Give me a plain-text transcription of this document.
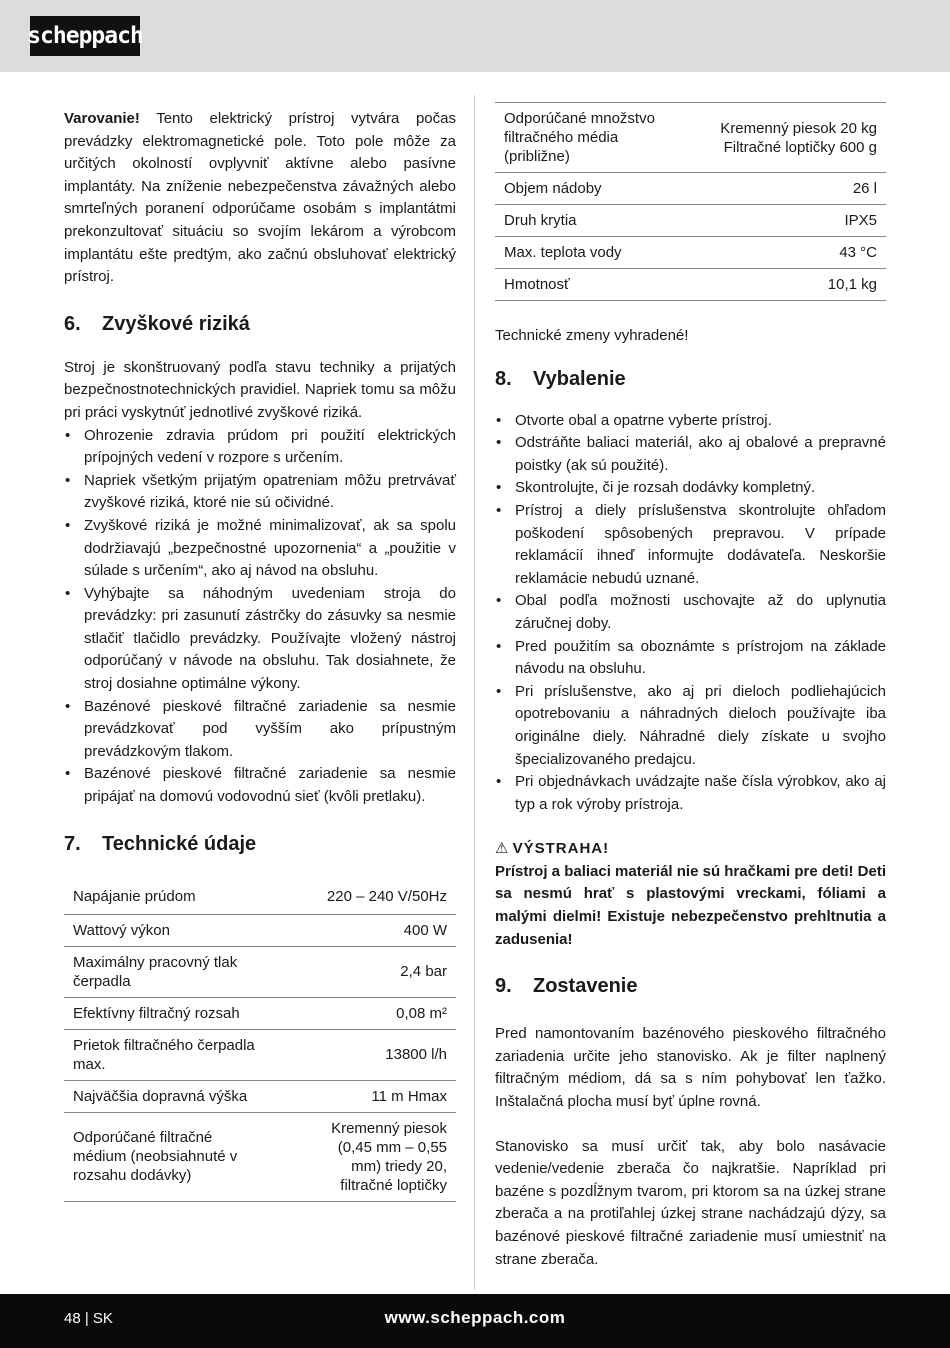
scheppach

Varovanie! Tento elektrický prístroj vytvára počas prevádzky elektromagnetické pole. Toto pole môže za určitých okolností ovplyvniť aktívne alebo pasívne implantáty. Na zníženie nebezpečenstva závažných alebo smrteľných poranení odporúčame osobám s implantátmi prekonzultovať situáciu so svojím lekárom a výrobcom implantátu ešte predtým, ako začnú obsluhovať elektrický prístroj.

6. Zvyškové riziká

Stroj je skonštruovaný podľa stavu techniky a prijatých bezpečnostnotechnických pravidiel. Napriek tomu sa môžu pri práci vyskytnúť jednotlivé zvyškové riziká.

• Ohrozenie zdravia prúdom pri použití elektrických prípojných vedení v rozpore s určením.
• Napriek všetkým prijatým opatreniam môžu pretrvávať zvyškové riziká, ktoré nie sú očividné.
• Zvyškové riziká je možné minimalizovať, ak sa spolu dodržiavajú „bezpečnostné upozornenia“ a „použitie v súlade s určením“, ako aj návod na obsluhu.
• Vyhýbajte sa náhodným uvedeniam stroja do prevádzky: pri zasunutí zástrčky do zásuvky sa nesmie stlačiť tlačidlo prevádzky. Používajte vložený nástroj odporúčaný v návode na obsluhu. Tak dosiahnete, že stroj dosiahne optimálne výkony.
• Bazénové pieskové filtračné zariadenie sa nesmie prevádzkovať pod vyšším ako prípustným prevádzkovým tlakom.
• Bazénové pieskové filtračné zariadenie sa nesmie pripájať na domovú vodovodnú sieť (kvôli pretlaku).
7. Technické údaje
Napájanie prúdom	220 – 240 V/50Hz
Wattový výkon	400 W
Maximálny pracovný tlak čerpadla	2,4 bar
Efektívny filtračný rozsah	0,08 m²
Prietok filtračného čerpadla max.	13800 l/h
Najväčšia dopravná výška	11 m Hmax
Odporúčané filtračné médium (neobsiahnuté v rozsahu dodávky)	Kremenný piesok (0,45 mm – 0,55 mm) triedy 20, filtračné loptičky
Odporúčané množstvo filtračného média (približne)	Kremenný piesok 20 kg Filtračné loptičky 600 g
Objem nádoby	26 l
Druh krytia	IPX5
Max. teplota vody	43 °C
Hmotnosť	10,1 kg

Technické zmeny vyhradené!

8. Vybalenie
• Otvorte obal a opatrne vyberte prístroj.
• Odstráňte baliaci materiál, ako aj obalové a prepravné poistky (ak sú použité).
• Skontrolujte, či je rozsah dodávky kompletný.
• Prístroj a diely príslušenstva skontrolujte ohľadom poškodení spôsobených prepravou. V prípade reklamácií ihneď informujte dodávateľa. Neskoršie reklamácie nebudú uznané.
• Obal podľa možnosti uschovajte až do uplynutia záručnej doby.
• Pred použitím sa oboznámte s prístrojom na základe návodu na obsluhu.
• Pri príslušenstve, ako aj pri dieloch podliehajúcich opotrebovaniu a náhradných dieloch používajte iba originálne diely. Náhradné diely získate u svojho špecializovaného predajcu.
• Pri objednávkach uvádzajte naše čísla výrobkov, ako aj typ a rok výroby prístroja.

⚠ VÝSTRAHA!

Prístroj a baliaci materiál nie sú hračkami pre deti! Deti sa nesmú hrať s plastovými vreckami, fóliami a malými dielmi! Existuje nebezpečenstvo prehltnutia a zadusenia!

9. Zostavenie

Pred namontovaním bazénového pieskového filtračného zariadenia určite jeho stanovisko. Ak je filter naplnený filtračným médiom, dá sa s ním pohybovať len ťažko. Inštalačná plocha musí byť úplne rovná.

Stanovisko sa musí určiť tak, aby bolo nasávacie vedenie/vedenie zberača čo najkratšie. Napríklad pri bazéne s pozdĺžnym tvarom, pri ktorom sa na úzkej strane zberača a na protiľahlej úzkej strane nachádzajú dýzy, sa bazénové pieskové filtračné zariadenie musí umiestniť na strane zberača.

48 | SK	www.scheppach.com
